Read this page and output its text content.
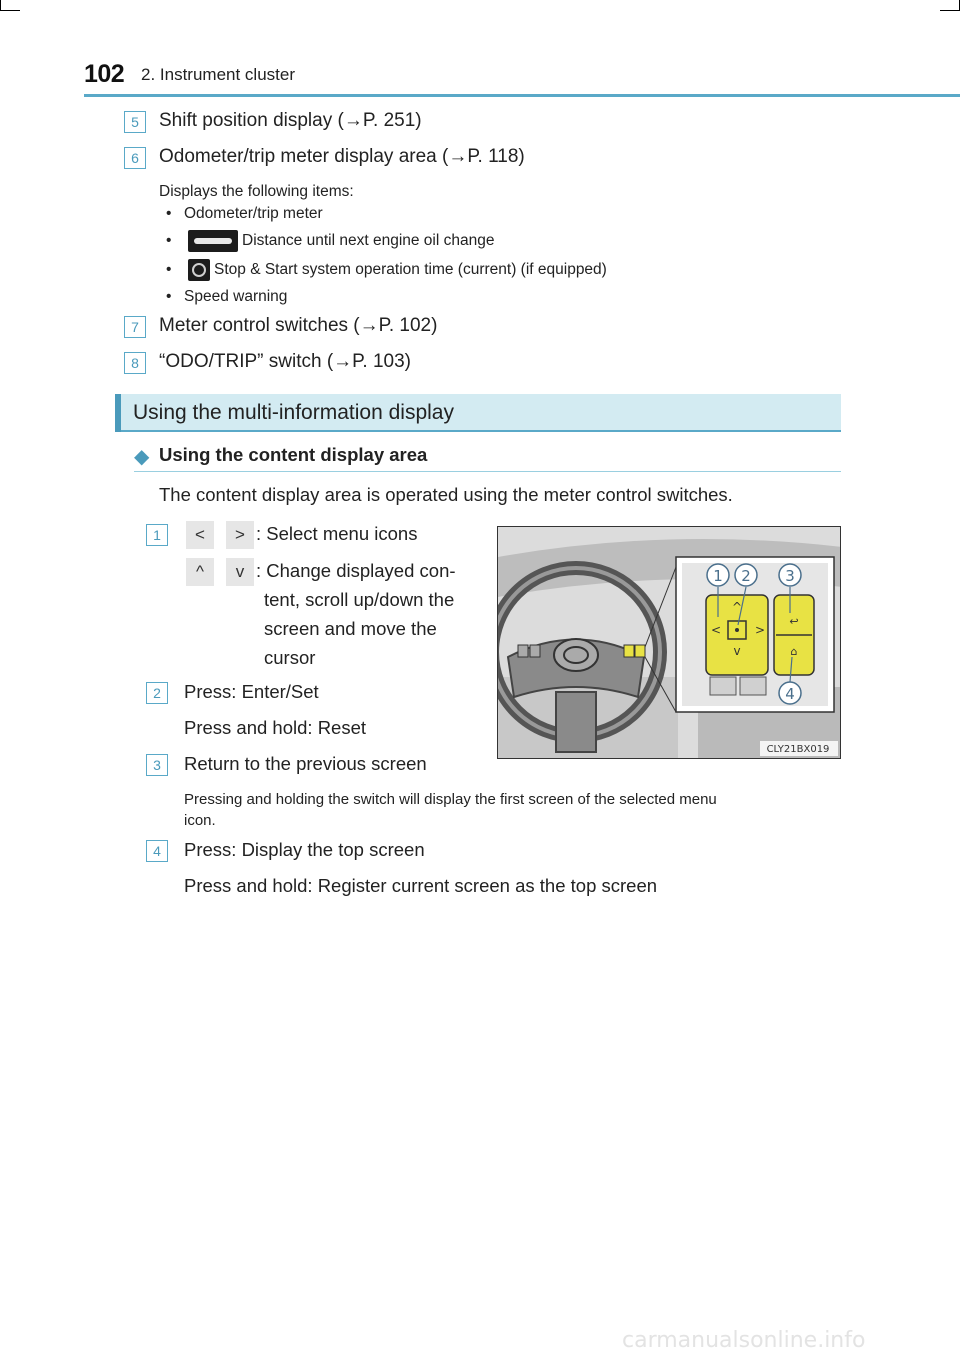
102 2. Instrument cluster
5	Shift position display (→P. 251)
6	Odometer/trip meter display area (→P. 118)
Displays the following items:
• Odometer/trip meter
•	Distance until next engine oil change
•	Stop & Start system operation time (current) (if equipped)
• Speed warning
7	Meter control switches (→P. 102)
8	“ODO/TRIP” switch (→P. 103)
Using the multi-information display
◆ Using the content display area
The content display area is operated using the meter control switches.
1	<	> : Select menu icons
^	v : Change displayed con-
tent, scroll up/down the
screen and move the
cursor
2	Press: Enter/Set
Press and hold: Reset
3	Return to the previous screen
Pressing and holding the switch will display the first screen of the selected menu
icon.
4	Press: Display the top screen
Press and hold: Register current screen as the top screen
^
v
<	>
↩
⌂
1 2 3
4
CLY21BX019
carmanualsonline.info
